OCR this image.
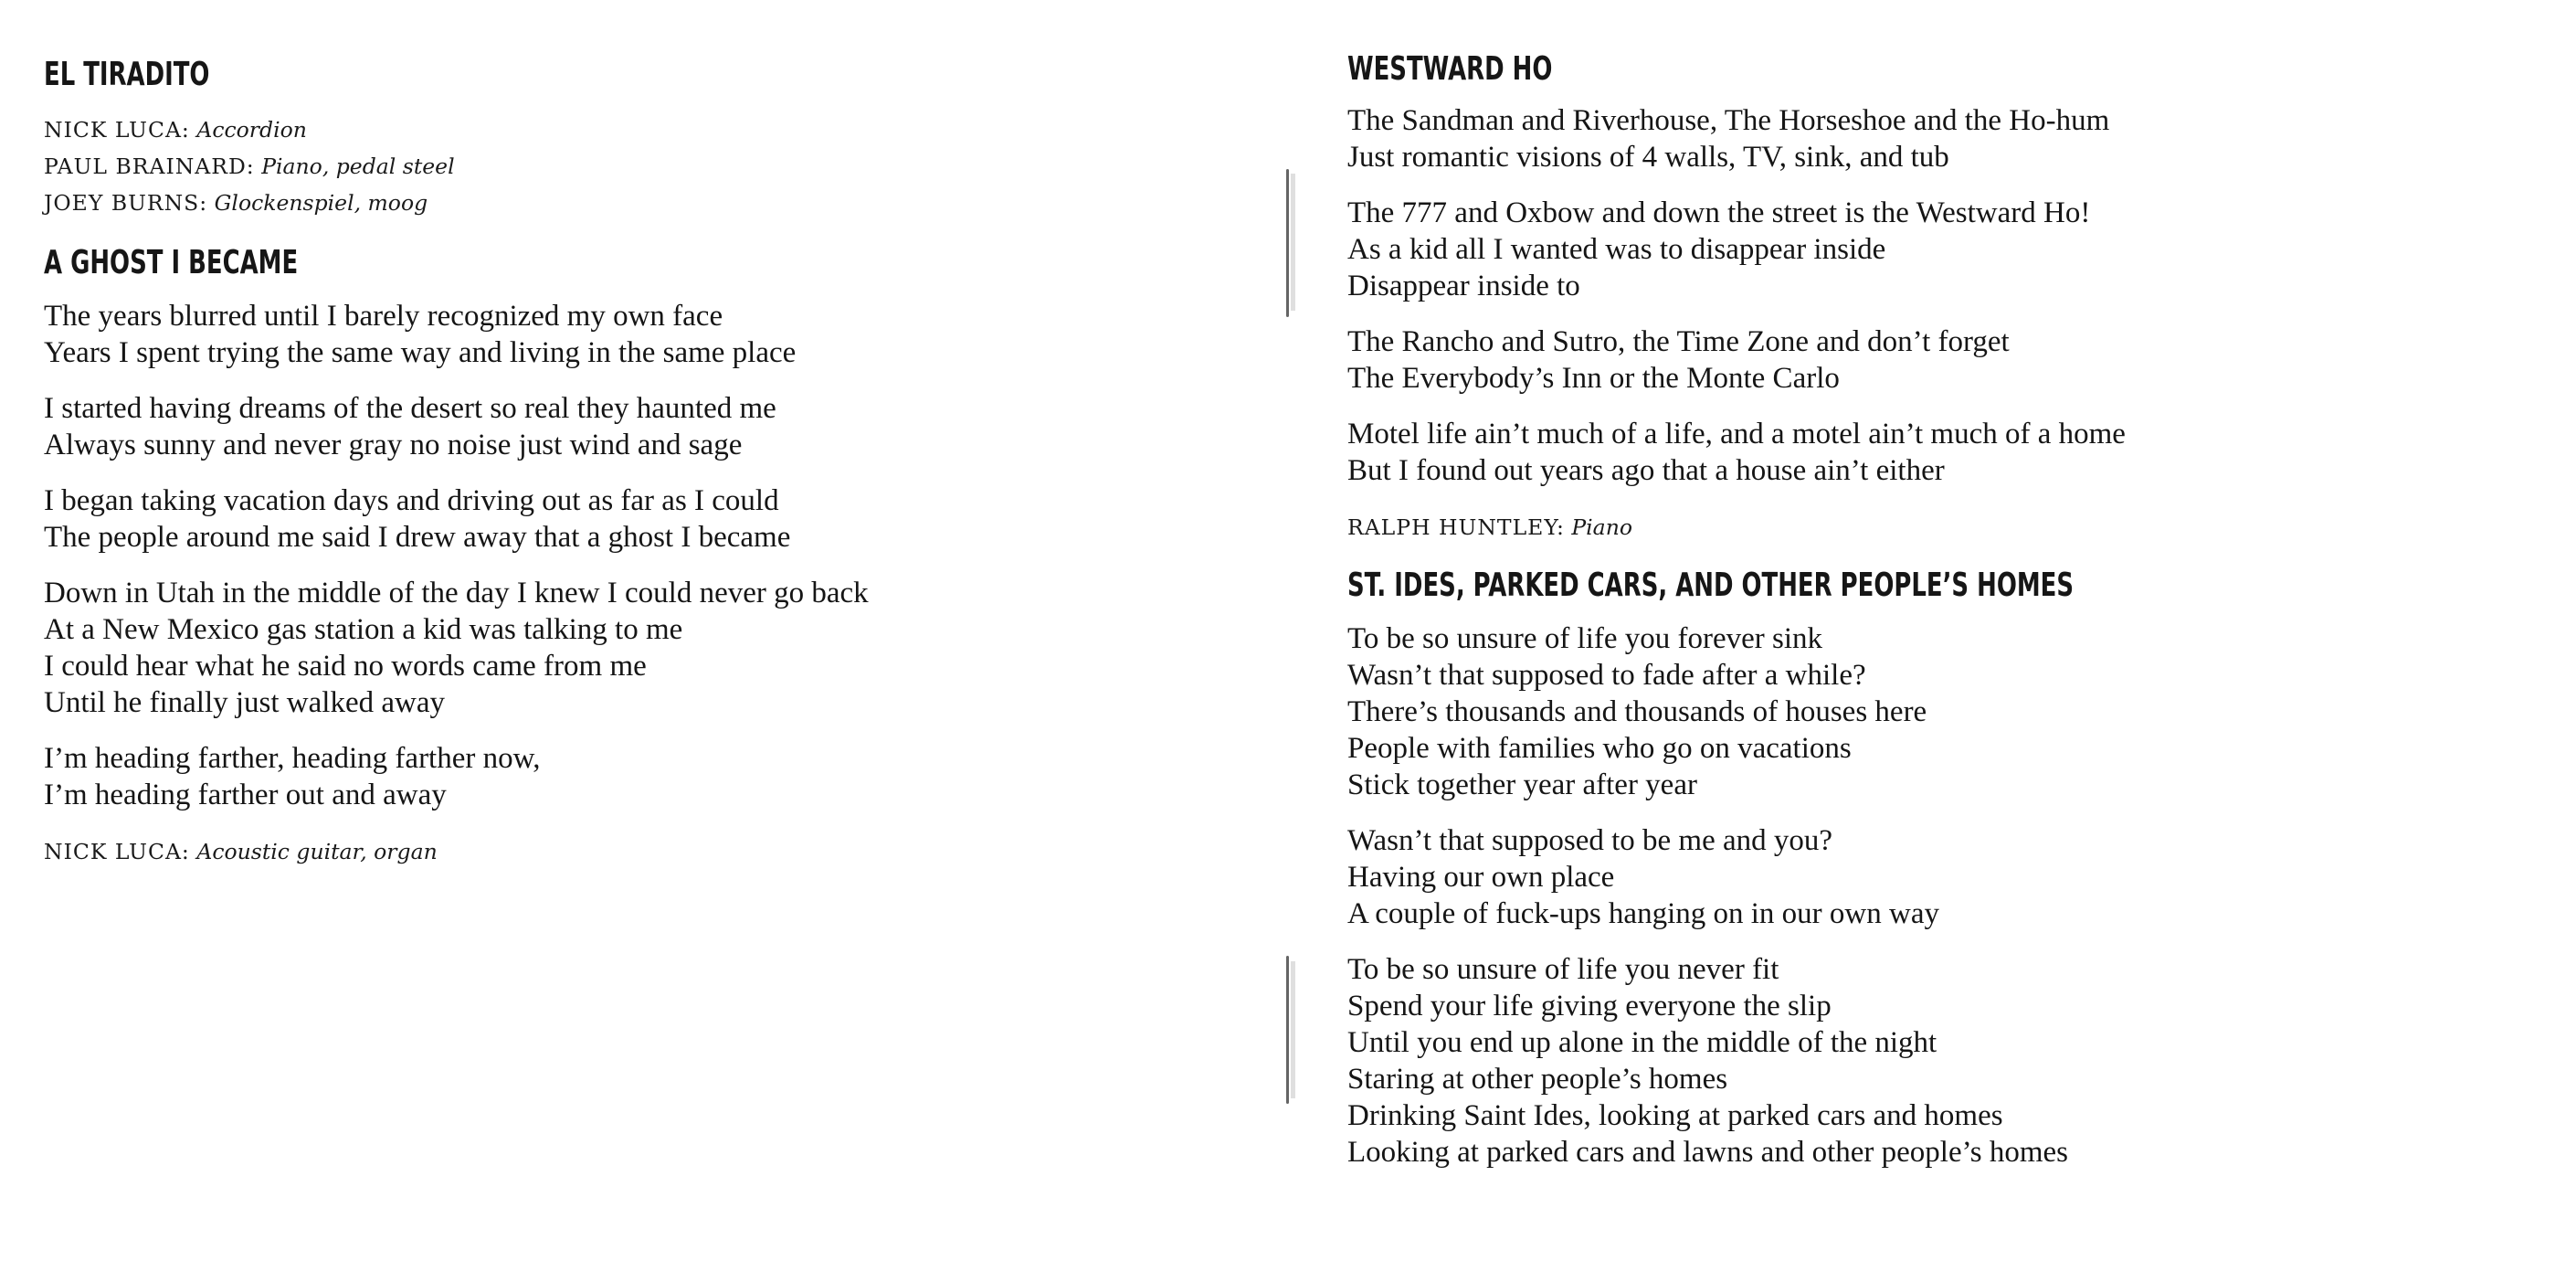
EL TIRADITO
NICK LUCA: Accordion
PAUL BRAINARD: Piano, pedal steel
JOEY BURNS: Glockenspiel, moog
A GHOST I BECAME
The years blurred until I barely recognized my own face
Years I spent trying the same way and living in the same place
I started having dreams of the desert so real they haunted me
Always sunny and never gray no noise just wind and sage
I began taking vacation days and driving out as far as I could
The people around me said I drew away that a ghost I became
Down in Utah in the middle of the day I knew I could never go back
At a New Mexico gas station a kid was talking to me
I could hear what he said no words came from me
Until he finally just walked away
I’m heading farther, heading farther now,
I’m heading farther out and away
NICK LUCA: Acoustic guitar, organ
WESTWARD HO
The Sandman and Riverhouse, The Horseshoe and the Ho-hum
Just romantic visions of 4 walls, TV, sink, and tub
The 777 and Oxbow and down the street is the Westward Ho!
As a kid all I wanted was to disappear inside
Disappear inside to
The Rancho and Sutro, the Time Zone and don’t forget
The Everybody’s Inn or the Monte Carlo
Motel life ain’t much of a life, and a motel ain’t much of a home
But I found out years ago that a house ain’t either
RALPH HUNTLEY: Piano
ST. IDES, PARKED CARS, AND OTHER PEOPLE’S HOMES
To be so unsure of life you forever sink
Wasn’t that supposed to fade after a while?
There’s thousands and thousands of houses here
People with families who go on vacations
Stick together year after year
Wasn’t that supposed to be me and you?
Having our own place
A couple of fuck-ups hanging on in our own way
To be so unsure of life you never fit
Spend your life giving everyone the slip
Until you end up alone in the middle of the night
Staring at other people’s homes
Drinking Saint Ides, looking at parked cars and homes
Looking at parked cars and lawns and other people’s homes
